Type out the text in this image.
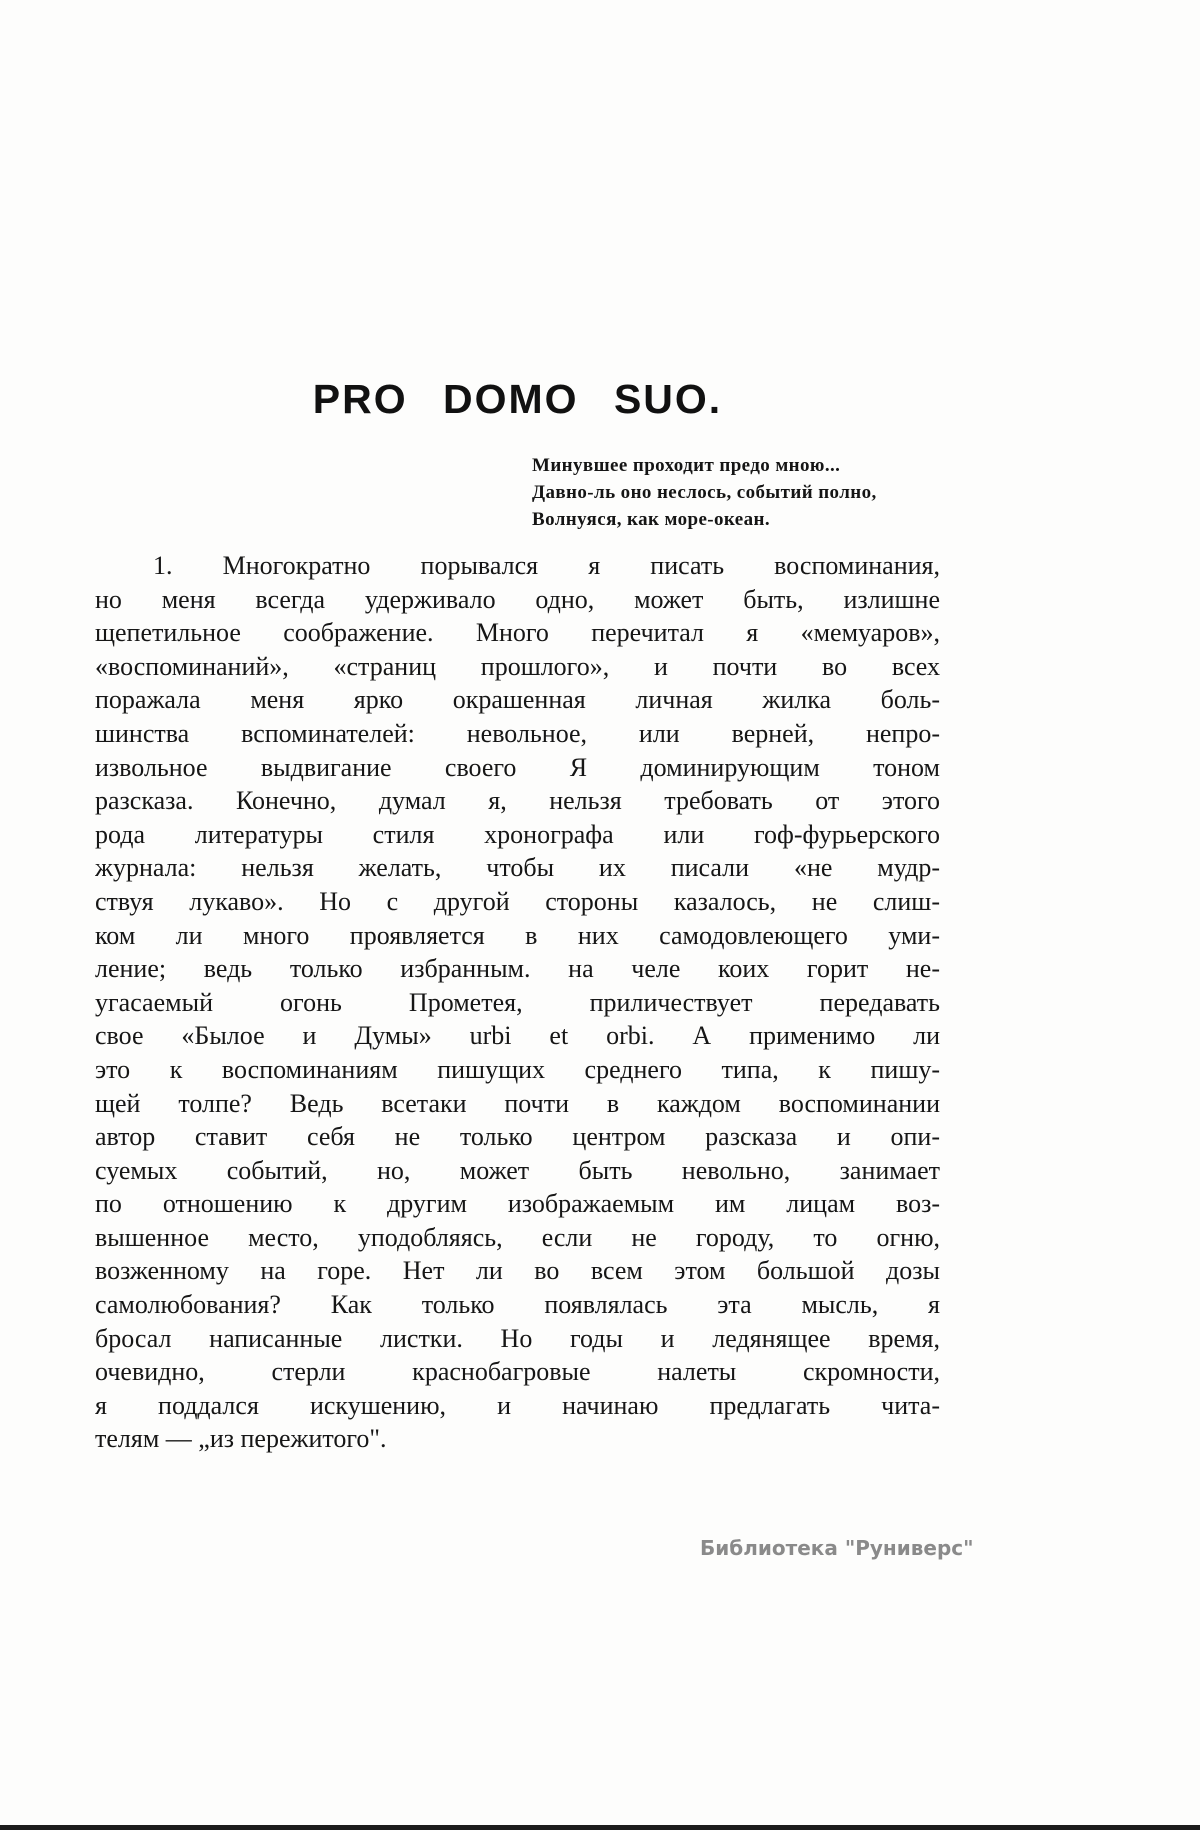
PRO DOMO SUO.
Минувшее проходит предо мною...
Давно-ль оно неслось, событий полно,
Волнуяся, как море-океан.
1. Многократно порывался я писать воспоминания,
но меня всегда удерживало одно, может быть, излишне
щепетильное соображение. Много перечитал я «мемуаров»,
«воспоминаний», «страниц прошлого», и почти во всех
поражала меня ярко окрашенная личная жилка боль-
шинства вспоминателей: невольное, или верней, непро-
извольное выдвигание своего Я доминирующим тоном
разсказа. Конечно, думал я, нельзя требовать от этого
рода литературы стиля хронографа или гоф-фурьерского
журнала: нельзя желать, чтобы их писали «не мудр-
ствуя лукаво». Но с другой стороны казалось, не слиш-
ком ли много проявляется в них самодовлеющего уми-
ление; ведь только избранным. на челе коих горит не-
угасаемый огонь Прометея, приличествует передавать
свое «Былое и Думы» urbi et orbi. А применимо ли
это к воспоминаниям пишущих среднего типа, к пишу-
щей толпе? Ведь всетаки почти в каждом воспоминании
автор ставит себя не только центром разсказа и опи-
суемых событий, но, может быть невольно, занимает
по отношению к другим изображаемым им лицам воз-
вышенное место, уподобляясь, если не городу, то огню,
возженному на горе. Нет ли во всем этом большой дозы
самолюбования? Как только появлялась эта мысль, я
бросал написанные листки. Но годы и ледянящее время,
очевидно, стерли краснобагровые налеты скромности,
я поддался искушению, и начинаю предлагать чита-
телям — „из пережитого".
Библиотека "Руниверс"
